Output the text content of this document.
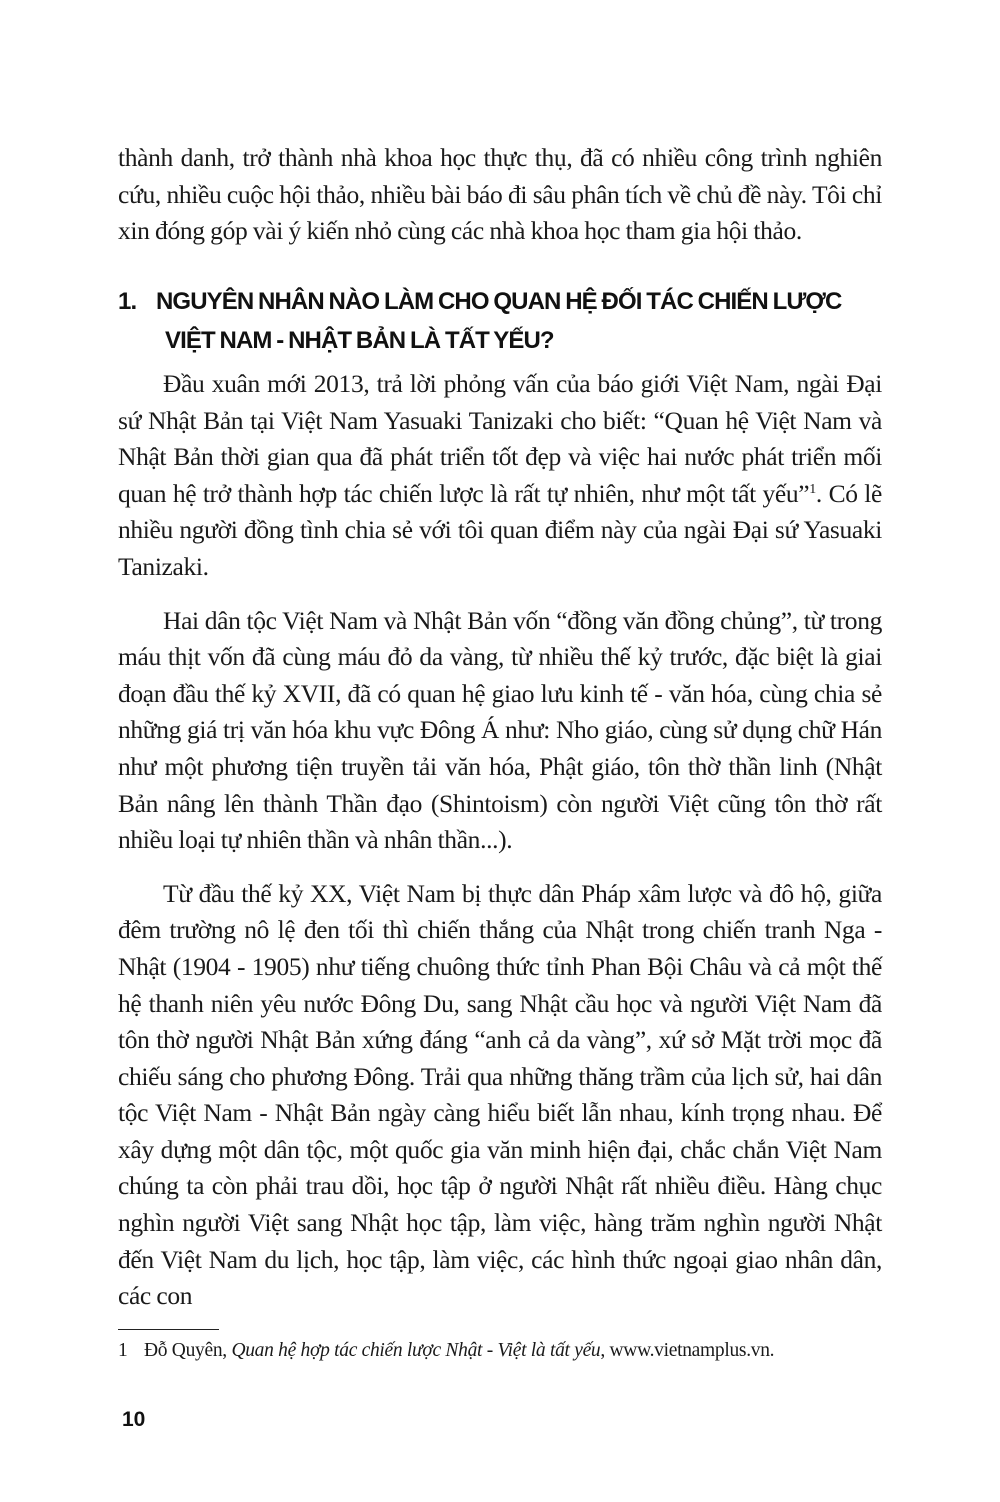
thành danh, trở thành nhà khoa học thực thụ, đã có nhiều công trình nghiên cứu, nhiều cuộc hội thảo, nhiều bài báo đi sâu phân tích về chủ đề này. Tôi chỉ xin đóng góp vài ý kiến nhỏ cùng các nhà khoa học tham gia hội thảo.

1. NGUYÊN NHÂN NÀO LÀM CHO QUAN HỆ ĐỐI TÁC CHIẾN LƯỢC
VIỆT NAM - NHẬT BẢN LÀ TẤT YẾU?

Đầu xuân mới 2013, trả lời phỏng vấn của báo giới Việt Nam, ngài Đại sứ Nhật Bản tại Việt Nam Yasuaki Tanizaki cho biết: “Quan hệ Việt Nam và Nhật Bản thời gian qua đã phát triển tốt đẹp và việc hai nước phát triển mối quan hệ trở thành hợp tác chiến lược là rất tự nhiên, như một tất yếu”$^1$. Có lẽ nhiều người đồng tình chia sẻ với tôi quan điểm này của ngài Đại sứ Yasuaki Tanizaki.

Hai dân tộc Việt Nam và Nhật Bản vốn “đồng văn đồng chủng”, từ trong máu thịt vốn đã cùng máu đỏ da vàng, từ nhiều thế kỷ trước, đặc biệt là giai đoạn đầu thế kỷ XVII, đã có quan hệ giao lưu kinh tế - văn hóa, cùng chia sẻ những giá trị văn hóa khu vực Đông Á như: Nho giáo, cùng sử dụng chữ Hán như một phương tiện truyền tải văn hóa, Phật giáo, tôn thờ thần linh (Nhật Bản nâng lên thành Thần đạo (Shintoism) còn người Việt cũng tôn thờ rất nhiều loại tự nhiên thần và nhân thần...).

Từ đầu thế kỷ XX, Việt Nam bị thực dân Pháp xâm lược và đô hộ, giữa đêm trường nô lệ đen tối thì chiến thắng của Nhật trong chiến tranh Nga - Nhật (1904 - 1905) như tiếng chuông thức tỉnh Phan Bội Châu và cả một thế hệ thanh niên yêu nước Đông Du, sang Nhật cầu học và người Việt Nam đã tôn thờ người Nhật Bản xứng đáng “anh cả da vàng”, xứ sở Mặt trời mọc đã chiếu sáng cho phương Đông. Trải qua những thăng trầm của lịch sử, hai dân tộc Việt Nam - Nhật Bản ngày càng hiểu biết lẫn nhau, kính trọng nhau. Để xây dựng một dân tộc, một quốc gia văn minh hiện đại, chắc chắn Việt Nam chúng ta còn phải trau dồi, học tập ở người Nhật rất nhiều điều. Hàng chục nghìn người Việt sang Nhật học tập, làm việc, hàng trăm nghìn người Nhật đến Việt Nam du lịch, học tập, làm việc, các hình thức ngoại giao nhân dân, các con

1 Đỗ Quyên, Quan hệ hợp tác chiến lược Nhật - Việt là tất yếu, www.vietnamplus.vn.
10
